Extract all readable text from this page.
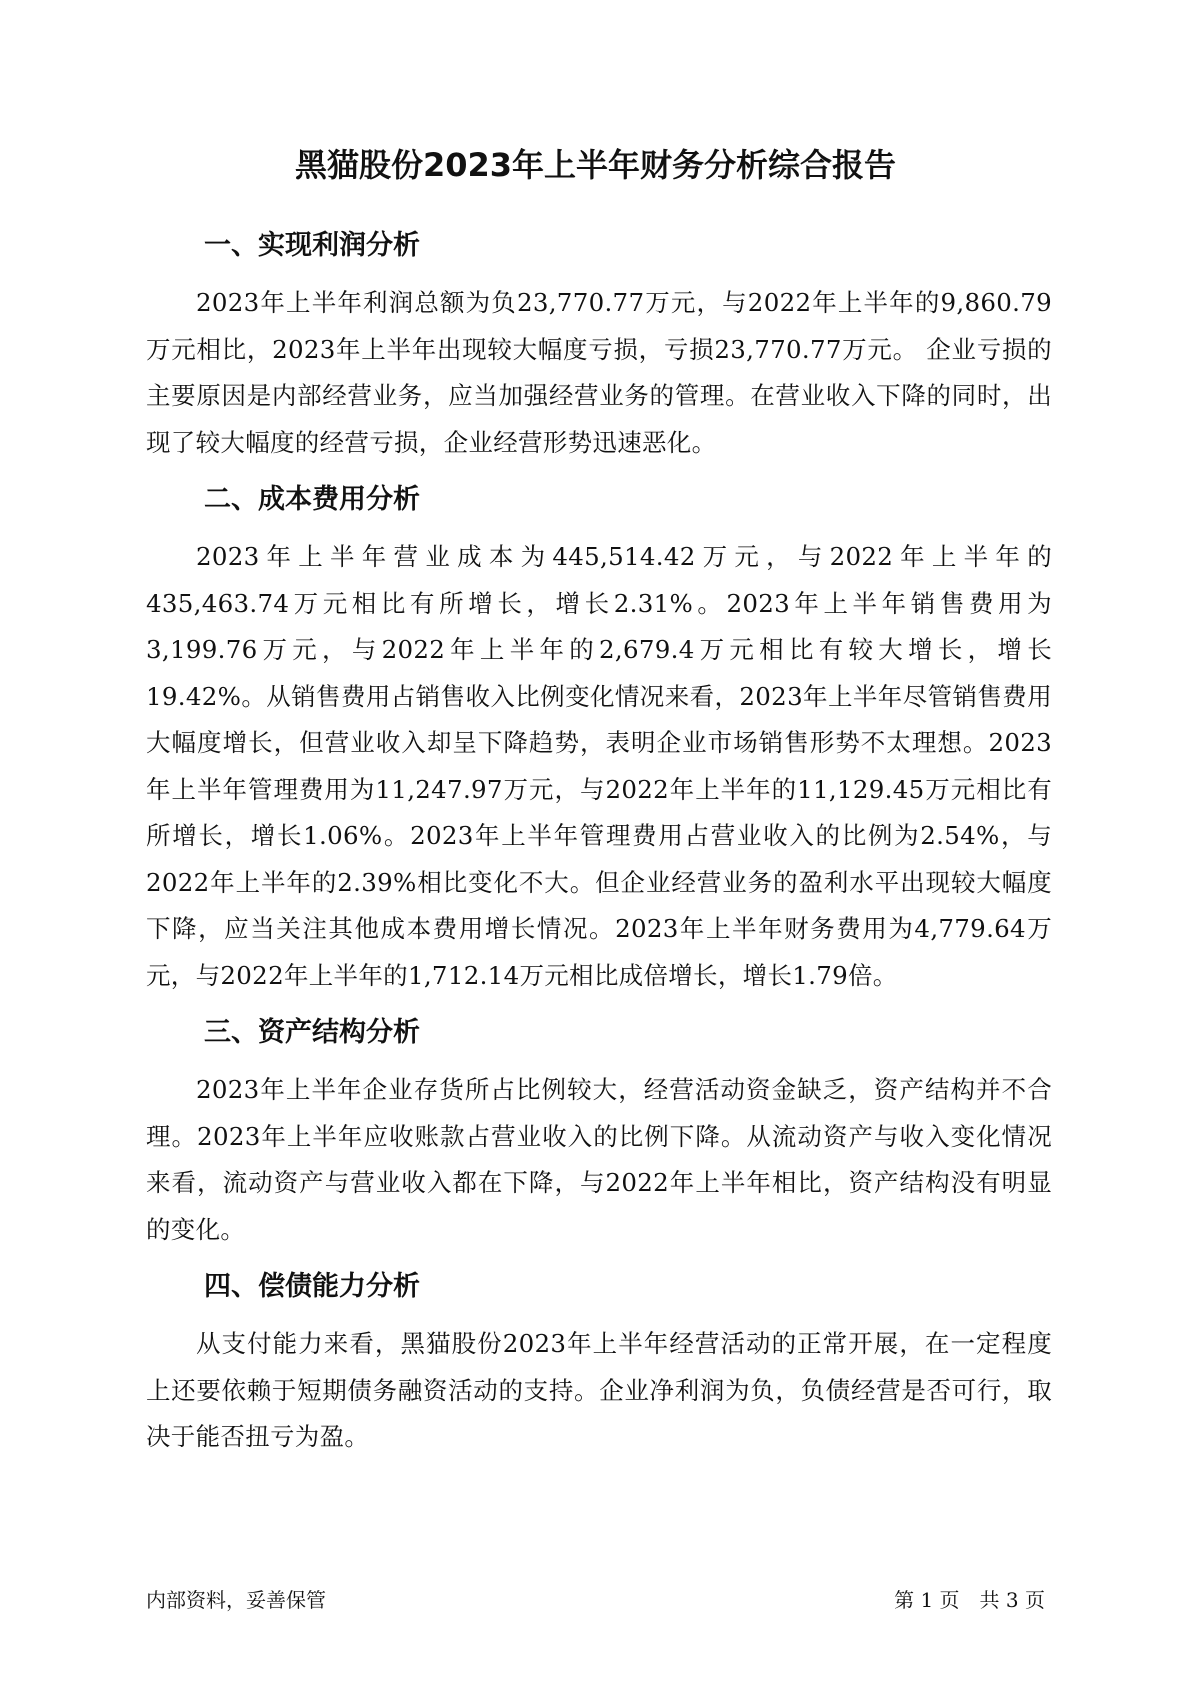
黑猫股份2023年上半年财务分析综合报告
一、实现利润分析

2023年上半年利润总额为负23,770.77万元，与2022年上半年的9,860.79万元相比，2023年上半年出现较大幅度亏损，亏损23,770.77万元。 企业亏损的主要原因是内部经营业务，应当加强经营业务的管理。在营业收入下降的同时，出现了较大幅度的经营亏损，企业经营形势迅速恶化。

二、成本费用分析

2023年上半年营业成本为445,514.42万元，与2022年上半年的435,463.74万元相比有所增长，增长2.31%。2023年上半年销售费用为3,199.76万元，与2022年上半年的2,679.4万元相比有较大增长，增长19.42%。从销售费用占销售收入比例变化情况来看，2023年上半年尽管销售费用大幅度增长，但营业收入却呈下降趋势，表明企业市场销售形势不太理想。2023年上半年管理费用为11,247.97万元，与2022年上半年的11,129.45万元相比有所增长，增长1.06%。2023年上半年管理费用占营业收入的比例为2.54%，与2022年上半年的2.39%相比变化不大。但企业经营业务的盈利水平出现较大幅度下降，应当关注其他成本费用增长情况。2023年上半年财务费用为4,779.64万元，与2022年上半年的1,712.14万元相比成倍增长，增长1.79倍。

三、资产结构分析

2023年上半年企业存货所占比例较大，经营活动资金缺乏，资产结构并不合理。2023年上半年应收账款占营业收入的比例下降。从流动资产与收入变化情况来看，流动资产与营业收入都在下降，与2022年上半年相比，资产结构没有明显的变化。

四、偿债能力分析

从支付能力来看，黑猫股份2023年上半年经营活动的正常开展，在一定程度上还要依赖于短期债务融资活动的支持。企业净利润为负，负债经营是否可行，取决于能否扭亏为盈。

内部资料，妥善保管	第 1 页　共 3 页
